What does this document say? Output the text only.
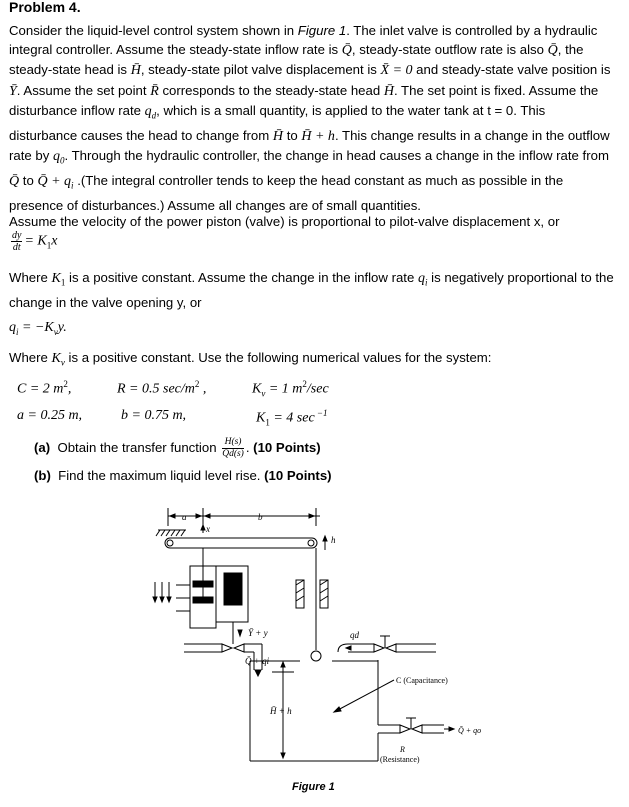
Problem 4.
Consider the liquid-level control system shown in Figure 1. The inlet valve is controlled by a hydraulic integral controller. Assume the steady-state inflow rate is Q̄, steady-state outflow rate is also Q̄, the steady-state head is H̄, steady-state pilot valve displacement is X̄ = 0 and steady-state valve position is Ȳ. Assume the set point R̄ corresponds to the steady-state head H̄. The set point is fixed. Assume the disturbance inflow rate $q_d$, which is a small quantity, is applied to the water tank at t = 0. This disturbance causes the head to change from H̄ to H̄ + h. This change results in a change in the outflow rate by $q_0$. Through the hydraulic controller, the change in head causes a change in the inflow rate from Q̄ to Q̄ + $q_i$ .(The integral controller tends to keep the head constant as much as possible in the presence of disturbances.) Assume all changes are of small quantities.
Assume the velocity of the power piston (valve) is proportional to pilot-valve displacement x, or
$\frac{dy}{dt} = K_1x$
Where $K_1$ is a positive constant. Assume the change in the inflow rate $q_i$ is negatively proportional to the change in the valve opening y, or
$q_i = -K_vy$.
Where $K_v$ is a positive constant. Use the following numerical values for the system:
C = 2 $m^2$,	R = 0.5 $\sec/m^2$ ,	$K_v = 1$ $m^2/\sec$
a = 0.25 m,	b = 0.75 m,	$K_1 = 4$ sec $^{-1}$
(a) Obtain the transfer function $\frac{H(s)}{Qd(s)}$ . (10 Points)
(b) Find the maximum liquid level rise. (10 Points)
a	b
x
h
Ȳ + y
Q̄ + qi
qd
H̄ + h
C (Capacitance)
R
(Resistance)
Q̄ + qo
Figure 1
